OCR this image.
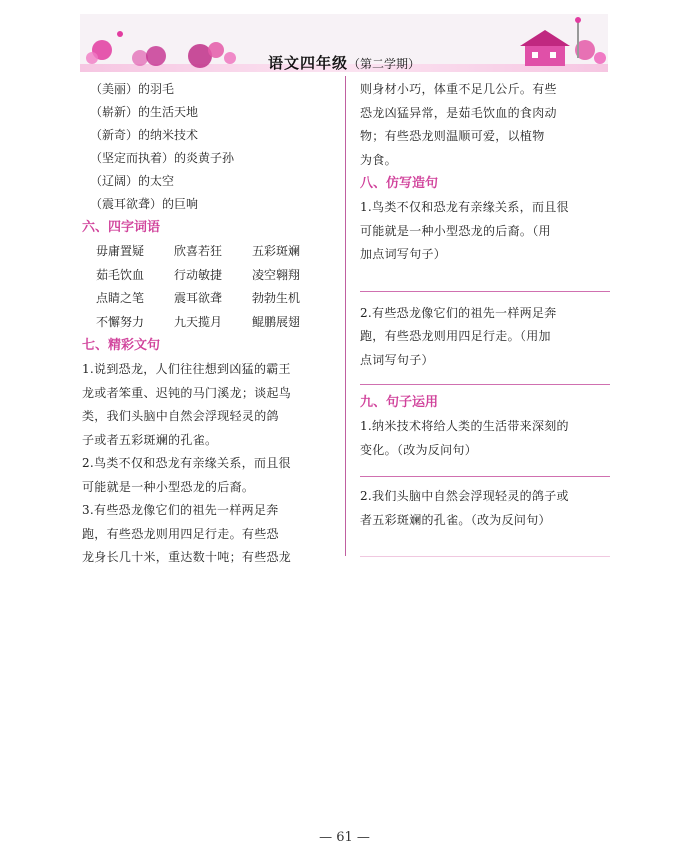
语文四年级（第二学期）
（美丽）的羽毛
（崭新）的生活天地
（新奇）的纳米技术
（坚定而执着）的炎黄子孙
（辽阔）的太空
（震耳欲聋）的巨响
六、四字词语
毋庸置疑	欣喜若狂	五彩斑斓
茹毛饮血	行动敏捷	凌空翱翔
点睛之笔	震耳欲聋	勃勃生机
不懈努力	九天揽月	鲲鹏展翅
七、精彩文句
1.说到恐龙，人们往往想到凶猛的霸王
龙或者笨重、迟钝的马门溪龙；谈起鸟
类，我们头脑中自然会浮现轻灵的鸽
子或者五彩斑斓的孔雀。
2.鸟类不仅和恐龙有亲缘关系，而且很
可能就是一种小型恐龙的后裔。
3.有些恐龙像它们的祖先一样两足奔
跑，有些恐龙则用四足行走。有些恐
龙身长几十米，重达数十吨；有些恐龙
则身材小巧，体重不足几公斤。有些
恐龙凶猛异常，是茹毛饮血的食肉动
物；有些恐龙则温顺可爱，以植物
为食。
八、仿写造句
1.鸟类不仅和恐龙有亲缘关系，而且很
可能就是一种小型恐龙的后裔。（用
加点词写句子）
2.有些恐龙像它们的祖先一样两足奔
跑，有些恐龙则用四足行走。（用加
点词写句子）
九、句子运用
1.纳米技术将给人类的生活带来深刻的
变化。（改为反问句）
2.我们头脑中自然会浮现轻灵的鸽子或
者五彩斑斓的孔雀。（改为反问句）
— 61 —
